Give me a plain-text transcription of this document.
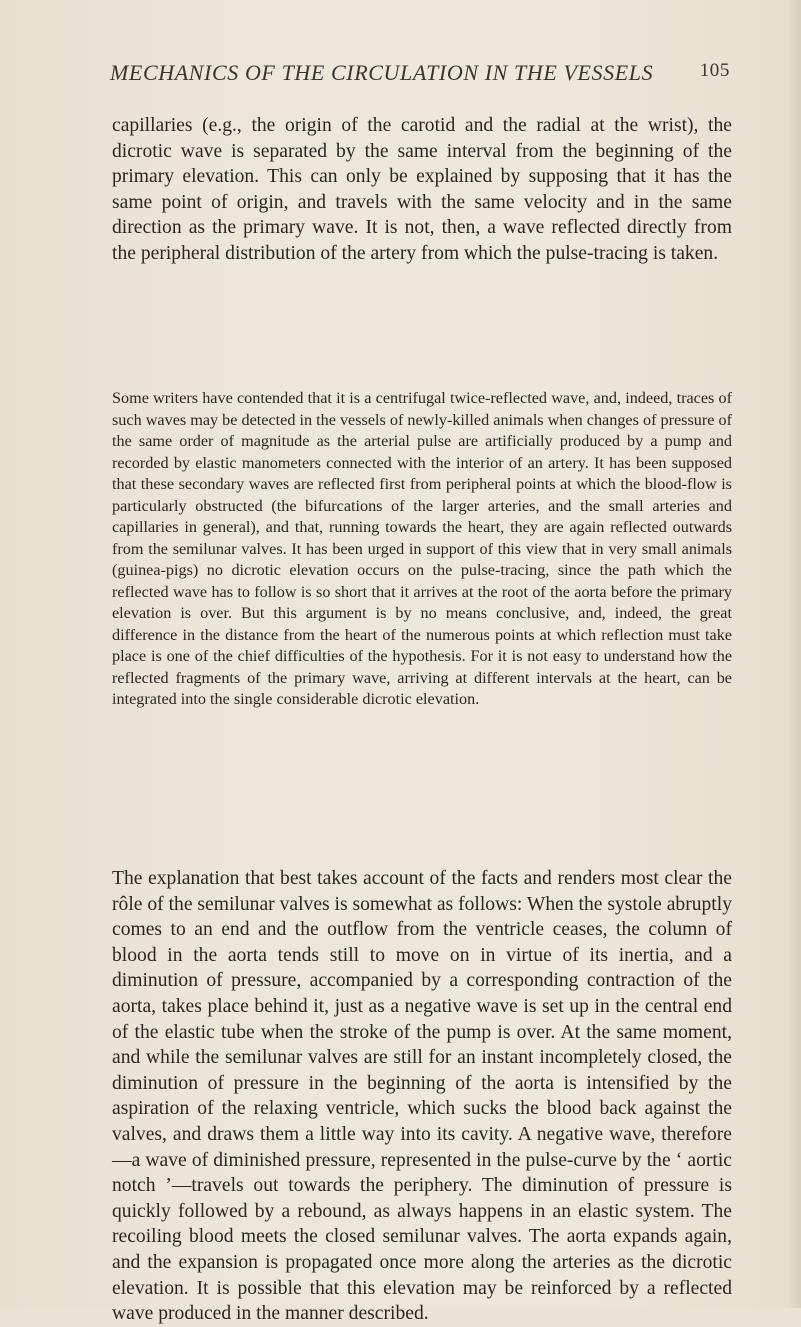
MECHANICS OF THE CIRCULATION IN THE VESSELS 105

capillaries (e.g., the origin of the carotid and the radial at the wrist), the dicrotic wave is separated by the same interval from the beginning of the primary elevation. This can only be explained by supposing that it has the same point of origin, and travels with the same velocity and in the same direction as the primary wave. It is not, then, a wave reflected directly from the peripheral distribution of the artery from which the pulse-tracing is taken.

Some writers have contended that it is a centrifugal twice-reflected wave, and, indeed, traces of such waves may be detected in the vessels of newly-killed animals when changes of pressure of the same order of magnitude as the arterial pulse are artificially produced by a pump and recorded by elastic manometers connected with the interior of an artery. It has been supposed that these secondary waves are reflected first from peripheral points at which the blood-flow is particularly obstructed (the bifurcations of the larger arteries, and the small arteries and capillaries in general), and that, running towards the heart, they are again reflected outwards from the semilunar valves. It has been urged in support of this view that in very small animals (guinea-pigs) no dicrotic elevation occurs on the pulse-tracing, since the path which the reflected wave has to follow is so short that it arrives at the root of the aorta before the primary elevation is over. But this argument is by no means conclusive, and, indeed, the great difference in the distance from the heart of the numerous points at which reflection must take place is one of the chief difficulties of the hypothesis. For it is not easy to understand how the reflected fragments of the primary wave, arriving at different intervals at the heart, can be integrated into the single considerable dicrotic elevation.

The explanation that best takes account of the facts and renders most clear the rôle of the semilunar valves is somewhat as follows: When the systole abruptly comes to an end and the outflow from the ventricle ceases, the column of blood in the aorta tends still to move on in virtue of its inertia, and a diminution of pressure, accompanied by a corresponding contraction of the aorta, takes place behind it, just as a negative wave is set up in the central end of the elastic tube when the stroke of the pump is over. At the same moment, and while the semilunar valves are still for an instant incompletely closed, the diminution of pressure in the beginning of the aorta is intensified by the aspiration of the relaxing ventricle, which sucks the blood back against the valves, and draws them a little way into its cavity. A negative wave, therefore—a wave of diminished pressure, represented in the pulse-curve by the ‘ aortic notch ’—travels out towards the periphery. The diminution of pressure is quickly followed by a rebound, as always happens in an elastic system. The recoiling blood meets the closed semilunar valves. The aorta expands again, and the expansion is propagated once more along the arteries as the dicrotic elevation. It is possible that this elevation may be reinforced by a reflected wave produced in the manner described.
